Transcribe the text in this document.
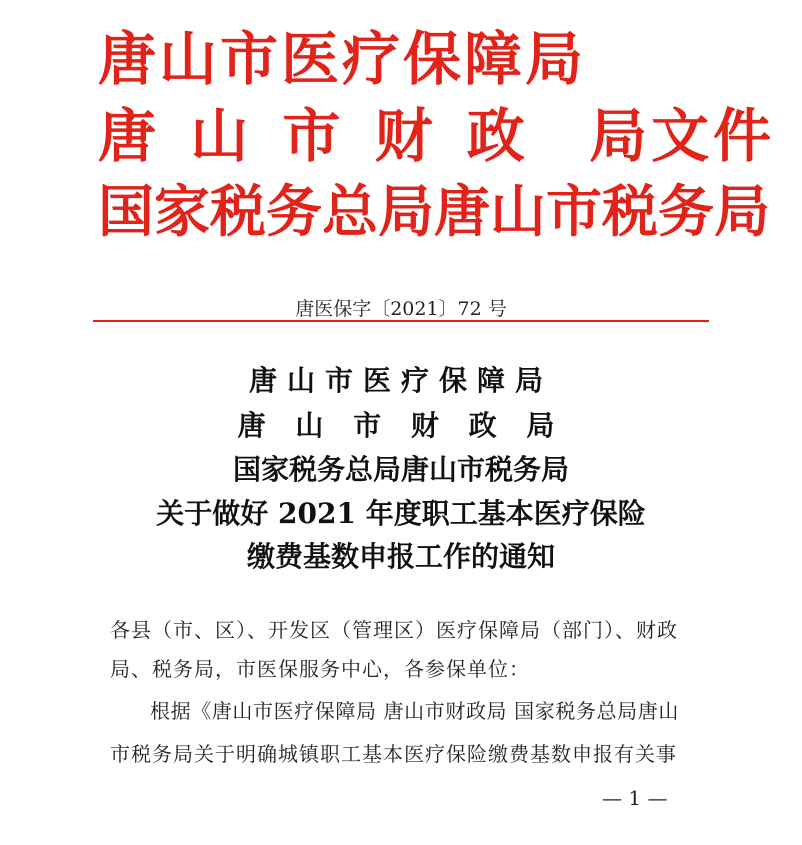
唐山市医疗保障局
唐 山 市 财 政  局文件
国家税务总局唐山市税务局
唐医保字〔2021〕72 号
唐山市医疗保障局
唐 山 市 财 政 局
国家税务总局唐山市税务局
关于做好 2021 年度职工基本医疗保险
缴费基数申报工作的通知
各县（市、区）、开发区（管理区）医疗保障局（部门）、财政
局、税务局，市医保服务中心，各参保单位：
根据《唐山市医疗保障局 唐山市财政局 国家税务总局唐山
市税务局关于明确城镇职工基本医疗保险缴费基数申报有关事
— 1 —
